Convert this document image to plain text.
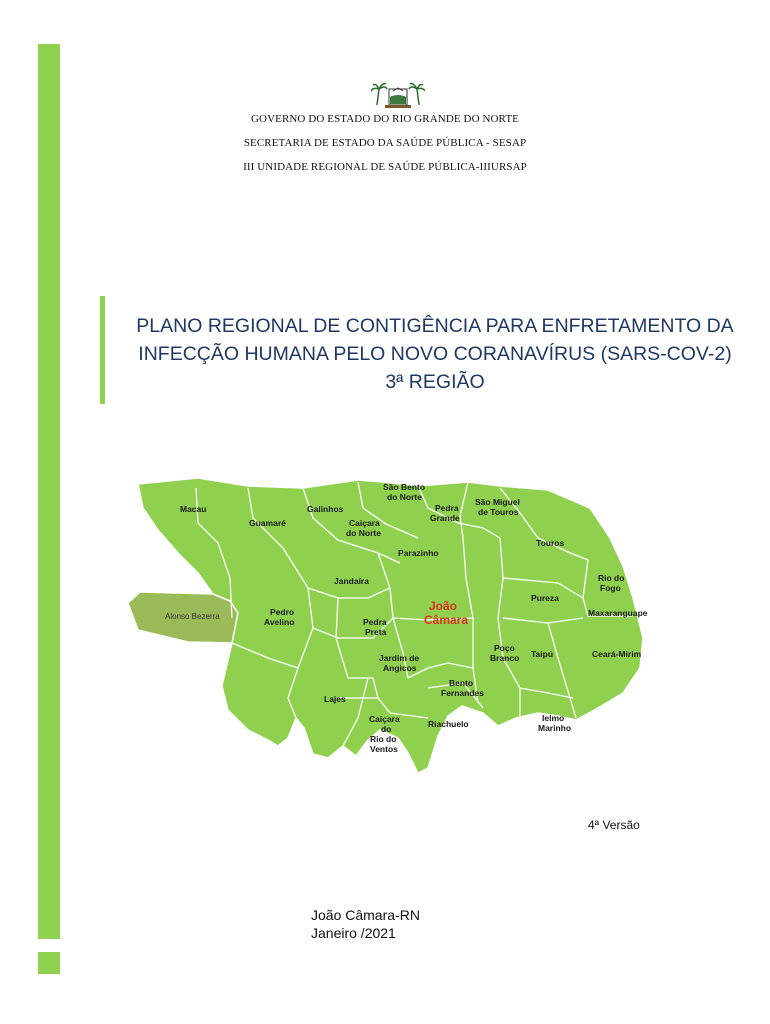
GOVERNO DO ESTADO DO RIO GRANDE DO NORTE
SECRETARIA DE ESTADO DA SAÚDE PÚBLICA - SESAP
III UNIDADE REGIONAL DE SAÚDE PÚBLICA-IIIURSAP
PLANO REGIONAL DE CONTIGÊNCIA PARA ENFRETAMENTO DA
INFECÇÃO HUMANA PELO NOVO CORANAVÍRUS (SARS-COV-2)
3ª REGIÃO
Macau
Guamaré
Galinhos
São Bento
do Norte
Pedra
Grande
São Miguel
de Touros
Caiçara
do Norte
Touros
Parazinho
Jandaíra	Rio do
Fogo
Pureza
Maxaranguape
João
Câmara
Alonso Bezerra	Pedro
Avelino	Pedra
Preta
Poço
Branco Taipú	Ceará-Mirim
Jardim de
Angicos
Bento
Fernandes
Lajes
Caiçara
do
Rio do
Ventos
Riachuelo
Ielmo
Marinho
4ª Versão
João Câmara-RN
Janeiro /2021
